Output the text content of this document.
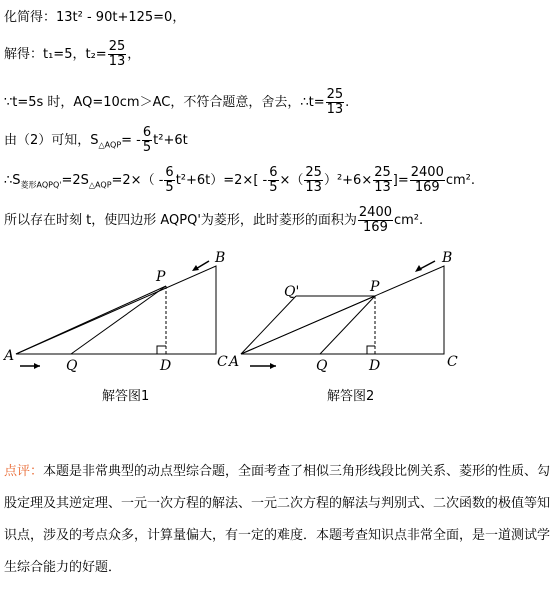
化简得：13t² - 90t+125=0，
解得：t₁=5，$t_2= \frac{25}{13}$ ，
∵t=5s 时，AQ=10cm＞AC，不符合题意，舍去，∴t= $\frac{25}{13}$ .
由（2）可知，$S_{\triangle AQP}= - \frac{6}{5} t^2+6t$
$\therefore S_{菱形AQPQ'}=2S_{\triangle AQP}=2\times( - \frac{6}{5} t^2+6t)=2\times[ - \frac{6}{5}$ ×（ $\frac{25}{13} )^2+6\times \frac{25}{13}$ ]= $\frac{2400}{169} cm^2$.
所以存在时刻 t，使四边形 AQPQ'为菱形，此时菱形的面积为 $\frac{2400}{169} cm^2$.
A
B
C
P
Q	D
解答图1
A
B
C
P
Q'
Q	D
解答图2
点评：本题是非常典型的动点型综合题，全面考查了相似三角形线段比例关系、菱形的性质、勾股定理及其逆定理、一元一次方程的解法、一元二次方程的解法与判别式、二次函数的极值等知识点，涉及的考点众多，计算量偏大，有一定的难度．本题考查知识点非常全面，是一道测试学生综合能力的好题．
